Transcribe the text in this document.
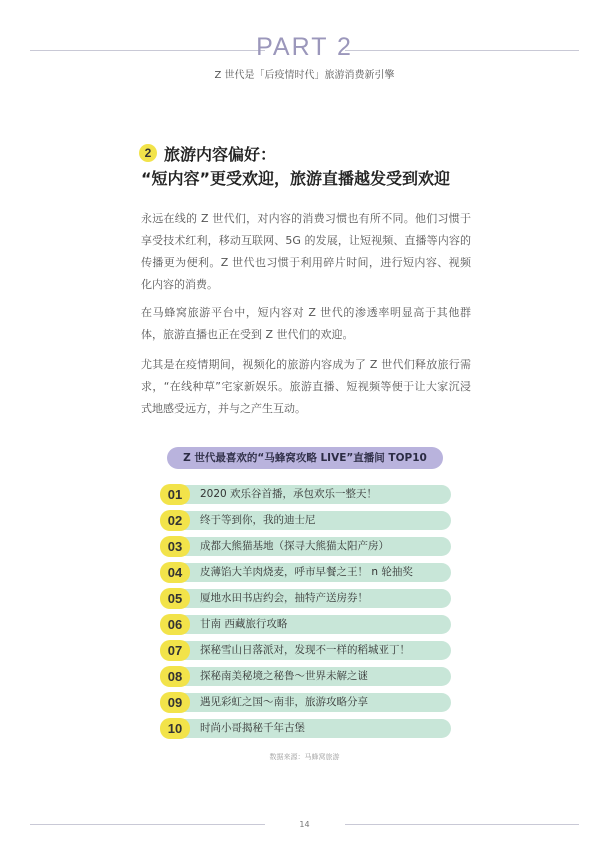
PART 2
Z 世代是「后疫情时代」旅游消费新引擎
2 旅游内容偏好：
“短内容”更受欢迎，旅游直播越发受到欢迎
永远在线的 Z 世代们，对内容的消费习惯也有所不同。他们习惯于享受技术红利，移动互联网、5G 的发展，让短视频、直播等内容的传播更为便利。Z 世代也习惯于利用碎片时间，进行短内容、视频化内容的消费。
在马蜂窝旅游平台中，短内容对 Z 世代的渗透率明显高于其他群体，旅游直播也正在受到 Z 世代们的欢迎。
尤其是在疫情期间，视频化的旅游内容成为了 Z 世代们释放旅行需求，“在线种草”宅家新娱乐。旅游直播、短视频等便于让大家沉浸式地感受远方，并与之产生互动。
Z 世代最喜欢的“马蜂窝攻略 LIVE”直播间 TOP10
01	2020 欢乐谷首播，承包欢乐一整天！
02	终于等到你，我的迪士尼
03	成都大熊猫基地（探寻大熊猫太阳产房）
04	皮薄馅大羊肉烧麦，呼市早餐之王！ n 轮抽奖
05	厦地水田书店约会，抽特产送房券！
06	甘南 西藏旅行攻略
07	探秘雪山日落派对，发现不一样的稻城亚丁！
08	探秘南美秘境之秘鲁～世界未解之谜
09	遇见彩虹之国～南非，旅游攻略分享
10	时尚小哥揭秘千年古堡
数据来源：马蜂窝旅游
14
